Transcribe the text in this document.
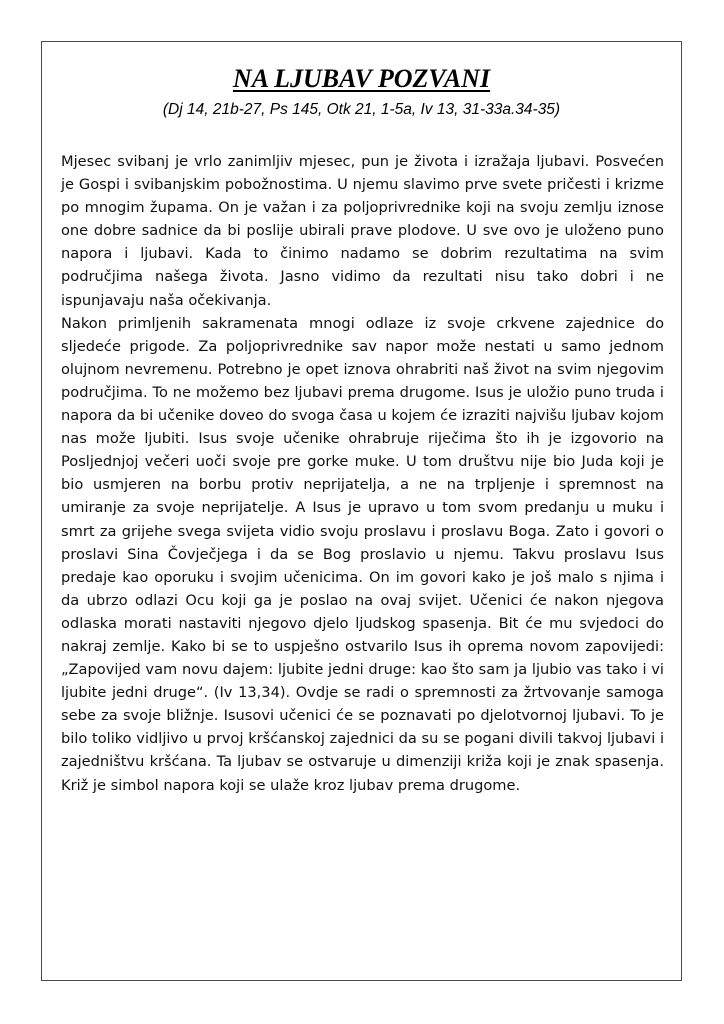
NA LJUBAV POZVANI
(Dj 14, 21b-27, Ps 145, Otk 21, 1-5a, Iv 13, 31-33a.34-35)

Mjesec svibanj je vrlo zanimljiv mjesec, pun je života i izražaja ljubavi. Posvećen je Gospi i svibanjskim pobožnostima. U njemu slavimo prve svete pričesti i krizme po mnogim župama. On je važan i za poljoprivrednike koji na svoju zemlju iznose one dobre sadnice da bi poslije ubirali prave plodove. U sve ovo je uloženo puno napora i ljubavi. Kada to činimo nadamo se dobrim rezultatima na svim područjima našega života. Jasno vidimo da rezultati nisu tako dobri i ne ispunjavaju naša očekivanja.

Nakon primljenih sakramenata mnogi odlaze iz svoje crkvene zajednice do sljedeće prigode. Za poljoprivrednike sav napor može nestati u samo jednom olujnom nevremenu. Potrebno je opet iznova ohrabriti naš život na svim njegovim područjima. To ne možemo bez ljubavi prema drugome. Isus je uložio puno truda i napora da bi učenike doveo do svoga časa u kojem će izraziti najvišu ljubav kojom nas može ljubiti. Isus svoje učenike ohrabruje riječima što ih je izgovorio na Posljednjoj večeri uoči svoje pre gorke muke. U tom društvu nije bio Juda koji je bio usmjeren na borbu protiv neprijatelja, a ne na trpljenje i spremnost na umiranje za svoje neprijatelje. A Isus je upravo u tom svom predanju u muku i smrt za grijehe svega svijeta vidio svoju proslavu i proslavu Boga. Zato i govori o proslavi Sina Čovječjega i da se Bog proslavio u njemu. Takvu proslavu Isus predaje kao oporuku i svojim učenicima. On im govori kako je još malo s njima i da ubrzo odlazi Ocu koji ga je poslao na ovaj svijet. Učenici će nakon njegova odlaska morati nastaviti njegovo djelo ljudskog spasenja. Bit će mu svjedoci do nakraj zemlje. Kako bi se to uspješno ostvarilo Isus ih oprema novom zapovijedi: „Zapovijed vam novu dajem: ljubite jedni druge: kao što sam ja ljubio vas tako i vi ljubite jedni druge“. (Iv 13,34). Ovdje se radi o spremnosti za žrtvovanje samoga sebe za svoje bližnje. Isusovi učenici će se poznavati po djelotvornoj ljubavi. To je bilo toliko vidljivo u prvoj kršćanskoj zajednici da su se pogani divili takvoj ljubavi i zajedništvu kršćana. Ta ljubav se ostvaruje u dimenziji križa koji je znak spasenja. Križ je simbol napora koji se ulaže kroz ljubav prema drugome.
